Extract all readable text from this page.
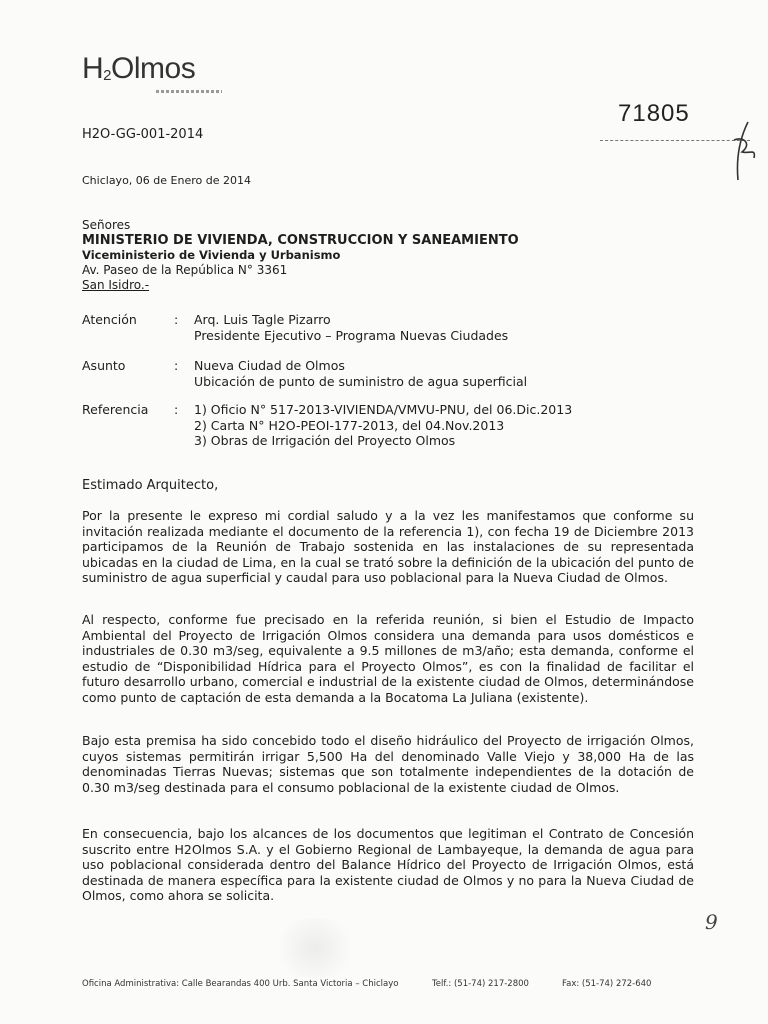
$H_2Olmos$
71805
H2O-GG-001-2014
Chiclayo, 06 de Enero de 2014
Señores
MINISTERIO DE VIVIENDA, CONSTRUCCION Y SANEAMIENTO
Viceministerio de Vivienda y Urbanismo
Av. Paseo de la República N° 3361
San Isidro.-
Atención	: Arq. Luis Tagle Pizarro
Presidente Ejecutivo – Programa Nuevas Ciudades
Asunto	: Nueva Ciudad de Olmos
Ubicación de punto de suministro de agua superficial
Referencia : 1) Oficio N° 517-2013-VIVIENDA/VMVU-PNU, del 06.Dic.2013
2) Carta N° H2O-PEOI-177-2013, del 04.Nov.2013
3) Obras de Irrigación del Proyecto Olmos
Estimado Arquitecto,
Por la presente le expreso mi cordial saludo y a la vez les manifestamos que conforme su invitación realizada mediante el documento de la referencia 1), con fecha 19 de Diciembre 2013 participamos de la Reunión de Trabajo sostenida en las instalaciones de su representada ubicadas en la ciudad de Lima, en la cual se trató sobre la definición de la ubicación del punto de suministro de agua superficial y caudal para uso poblacional para la Nueva Ciudad de Olmos.
Al respecto, conforme fue precisado en la referida reunión, si bien el Estudio de Impacto Ambiental del Proyecto de Irrigación Olmos considera una demanda para usos domésticos e industriales de 0.30 m3/seg, equivalente a 9.5 millones de m3/año; esta demanda, conforme el estudio de “Disponibilidad Hídrica para el Proyecto Olmos”, es con la finalidad de facilitar el futuro desarrollo urbano, comercial e industrial de la existente ciudad de Olmos, determinándose como punto de captación de esta demanda a la Bocatoma La Juliana (existente).
Bajo esta premisa ha sido concebido todo el diseño hidráulico del Proyecto de irrigación Olmos, cuyos sistemas permitirán irrigar 5,500 Ha del denominado Valle Viejo y 38,000 Ha de las denominadas Tierras Nuevas; sistemas que son totalmente independientes de la dotación de 0.30 m3/seg destinada para el consumo poblacional de la existente ciudad de Olmos.
En consecuencia, bajo los alcances de los documentos que legitiman el Contrato de Concesión suscrito entre H2Olmos S.A. y el Gobierno Regional de Lambayeque, la demanda de agua para uso poblacional considerada dentro del Balance Hídrico del Proyecto de Irrigación Olmos, está destinada de manera específica para la existente ciudad de Olmos y no para la Nueva Ciudad de Olmos, como ahora se solicita.
9
Oficina Administrativa: Calle Bearandas 400 Urb. Santa Victoria – Chiclayo	Telf.: (51-74) 217-2800	Fax: (51-74) 272-640
